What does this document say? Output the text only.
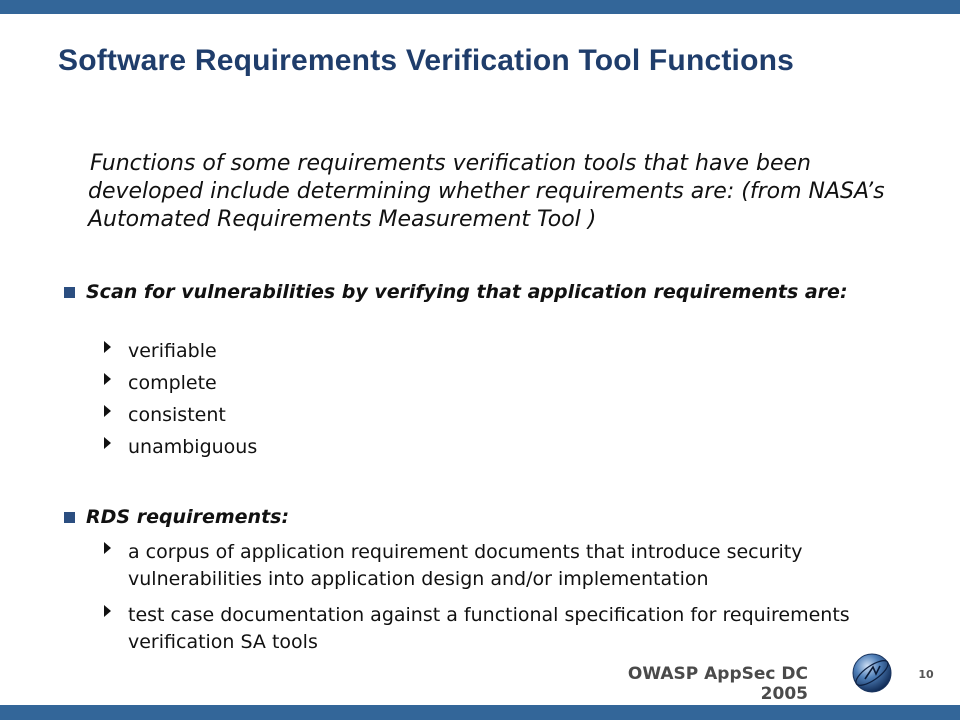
Software Requirements Verification Tool Functions
Functions of some requirements verification tools that have been developed include determining whether requirements are: (from NASA’s Automated Requirements Measurement Tool )
Scan for vulnerabilities by verifying that application requirements are:
verifiable
complete
consistent
unambiguous
RDS requirements:
a corpus of application requirement documents that introduce security vulnerabilities into application design and/or implementation
test case documentation against a functional specification for requirements verification SA tools
OWASP AppSec DC 2005
10
